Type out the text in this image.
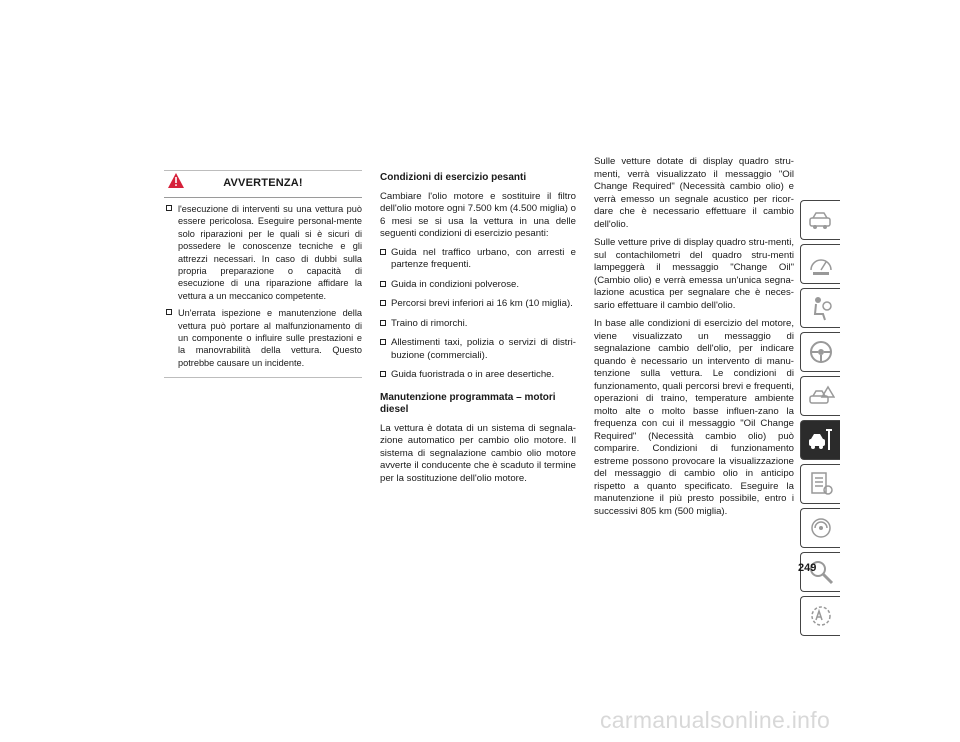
AVVERTENZA!
l'esecuzione di interventi su una vettura può essere pericolosa. Eseguire personal-mente solo riparazioni per le quali si è sicuri di possedere le conoscenze tecniche e gli attrezzi necessari. In caso di dubbi sulla propria preparazione o capacità di esecuzione di una riparazione affidare la vettura a un meccanico competente.
Un'errata ispezione e manutenzione della vettura può portare al malfunzionamento di un componente o influire sulle prestazioni e la manovrabilità della vettura. Questo potrebbe causare un incidente.
Condizioni di esercizio pesanti
Cambiare l'olio motore e sostituire il filtro dell'olio motore ogni 7.500 km (4.500 miglia) o 6 mesi se si usa la vettura in una delle seguenti condizioni di esercizio pesanti:
Guida nel traffico urbano, con arresti e partenze frequenti.
Guida in condizioni polverose.
Percorsi brevi inferiori ai 16 km (10 miglia).
Traino di rimorchi.
Allestimenti taxi, polizia o servizi di distri-buzione (commerciali).
Guida fuoristrada o in aree desertiche.
Manutenzione programmata – motori diesel
La vettura è dotata di un sistema di segnala-zione automatico per cambio olio motore. Il sistema di segnalazione cambio olio motore avverte il conducente che è scaduto il termine per la sostituzione dell'olio motore.
Sulle vetture dotate di display quadro stru-menti, verrà visualizzato il messaggio "Oil Change Required" (Necessità cambio olio) e verrà emesso un segnale acustico per ricor-dare che è necessario effettuare il cambio dell'olio.
Sulle vetture prive di display quadro stru-menti, sul contachilometri del quadro stru-menti lampeggerà il messaggio "Change Oil" (Cambio olio) e verrà emessa un'unica segna-lazione acustica per segnalare che è neces-sario effettuare il cambio dell'olio.
In base alle condizioni di esercizio del motore, viene visualizzato un messaggio di segnalazione cambio dell'olio, per indicare quando è necessario un intervento di manu-tenzione sulla vettura. Le condizioni di funzionamento, quali percorsi brevi e frequenti, operazioni di traino, temperature ambiente molto alte o molto basse influen-zano la frequenza con cui il messaggio "Oil Change Required" (Necessità cambio olio) può comparire. Condizioni di funzionamento estreme possono provocare la visualizzazione del messaggio di cambio olio in anticipo rispetto a quanto specificato. Eseguire la manutenzione il più presto possibile, entro i successivi 805 km (500 miglia).
249
carmanualsonline.info
